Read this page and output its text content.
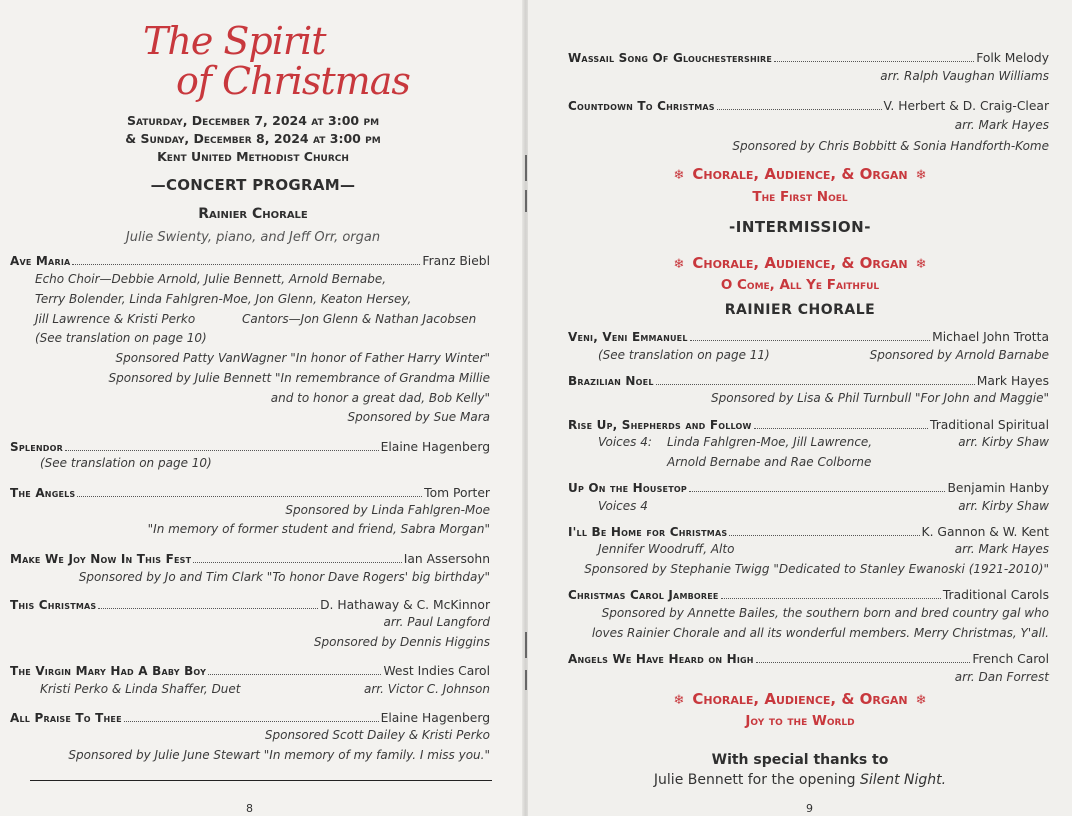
The Spirit
of Christmas
Saturday, December 7, 2024 at 3:00 pm
& Sunday, December 8, 2024 at 3:00 pm
Kent United Methodist Church
—CONCERT PROGRAM—
Rainier Chorale
Julie Swienty, piano, and Jeff Orr, organ
Ave Maria	Franz Biebl
Echo Choir—Debbie Arnold, Julie Bennett, Arnold Bernabe,
Terry Bolender, Linda Fahlgren-Moe, Jon Glenn, Keaton Hersey,
Jill Lawrence & Kristi Perko	Cantors—Jon Glenn & Nathan Jacobsen
(See translation on page 10)
Sponsored Patty VanWagner "In honor of Father Harry Winter"
Sponsored by Julie Bennett "In remembrance of Grandma Millie
and to honor a great dad, Bob Kelly"
Sponsored by Sue Mara
Splendor	Elaine Hagenberg
(See translation on page 10)
The Angels	Tom Porter
Sponsored by Linda Fahlgren-Moe
"In memory of former student and friend, Sabra Morgan"
Make We Joy Now In This Fest	Ian Assersohn
Sponsored by Jo and Tim Clark "To honor Dave Rogers' big birthday"
This Christmas	D. Hathaway & C. McKinnor
arr. Paul Langford
Sponsored by Dennis Higgins
The Virgin Mary Had A Baby Boy	West Indies Carol
Kristi Perko & Linda Shaffer, Duet	arr. Victor C. Johnson
All Praise To Thee	Elaine Hagenberg
Sponsored Scott Dailey & Kristi Perko
Sponsored by Julie June Stewart "In memory of my family. I miss you."
8
Wassail Song Of Glouchestershire	Folk Melody
arr. Ralph Vaughan Williams
Countdown To Christmas	V. Herbert & D. Craig-Clear
arr. Mark Hayes
Sponsored by Chris Bobbitt & Sonia Handforth-Kome
❄ Chorale, Audience, & Organ ❄
The First Noel
-INTERMISSION-
❄ Chorale, Audience, & Organ ❄
O Come, All Ye Faithful
RAINIER CHORALE
Veni, Veni Emmanuel	Michael John Trotta
(See translation on page 11)	Sponsored by Arnold Barnabe
Brazilian Noel	Mark Hayes
Sponsored by Lisa & Phil Turnbull "For John and Maggie"
Rise Up, Shepherds and Follow	Traditional Spiritual
Voices 4: Linda Fahlgren-Moe, Jill Lawrence,	arr. Kirby Shaw
Arnold Bernabe and Rae Colborne
Up On the Housetop	Benjamin Hanby
Voices 4	arr. Kirby Shaw
I'll Be Home for Christmas	K. Gannon & W. Kent
Jennifer Woodruff, Alto	arr. Mark Hayes
Sponsored by Stephanie Twigg "Dedicated to Stanley Ewanoski (1921-2010)"
Christmas Carol Jamboree	Traditional Carols
Sponsored by Annette Bailes, the southern born and bred country gal who
loves Rainier Chorale and all its wonderful members. Merry Christmas, Y'all.
Angels We Have Heard on High	French Carol
arr. Dan Forrest
❄ Chorale, Audience, & Organ ❄
Joy to the World
With special thanks to
Julie Bennett for the opening Silent Night.
9
